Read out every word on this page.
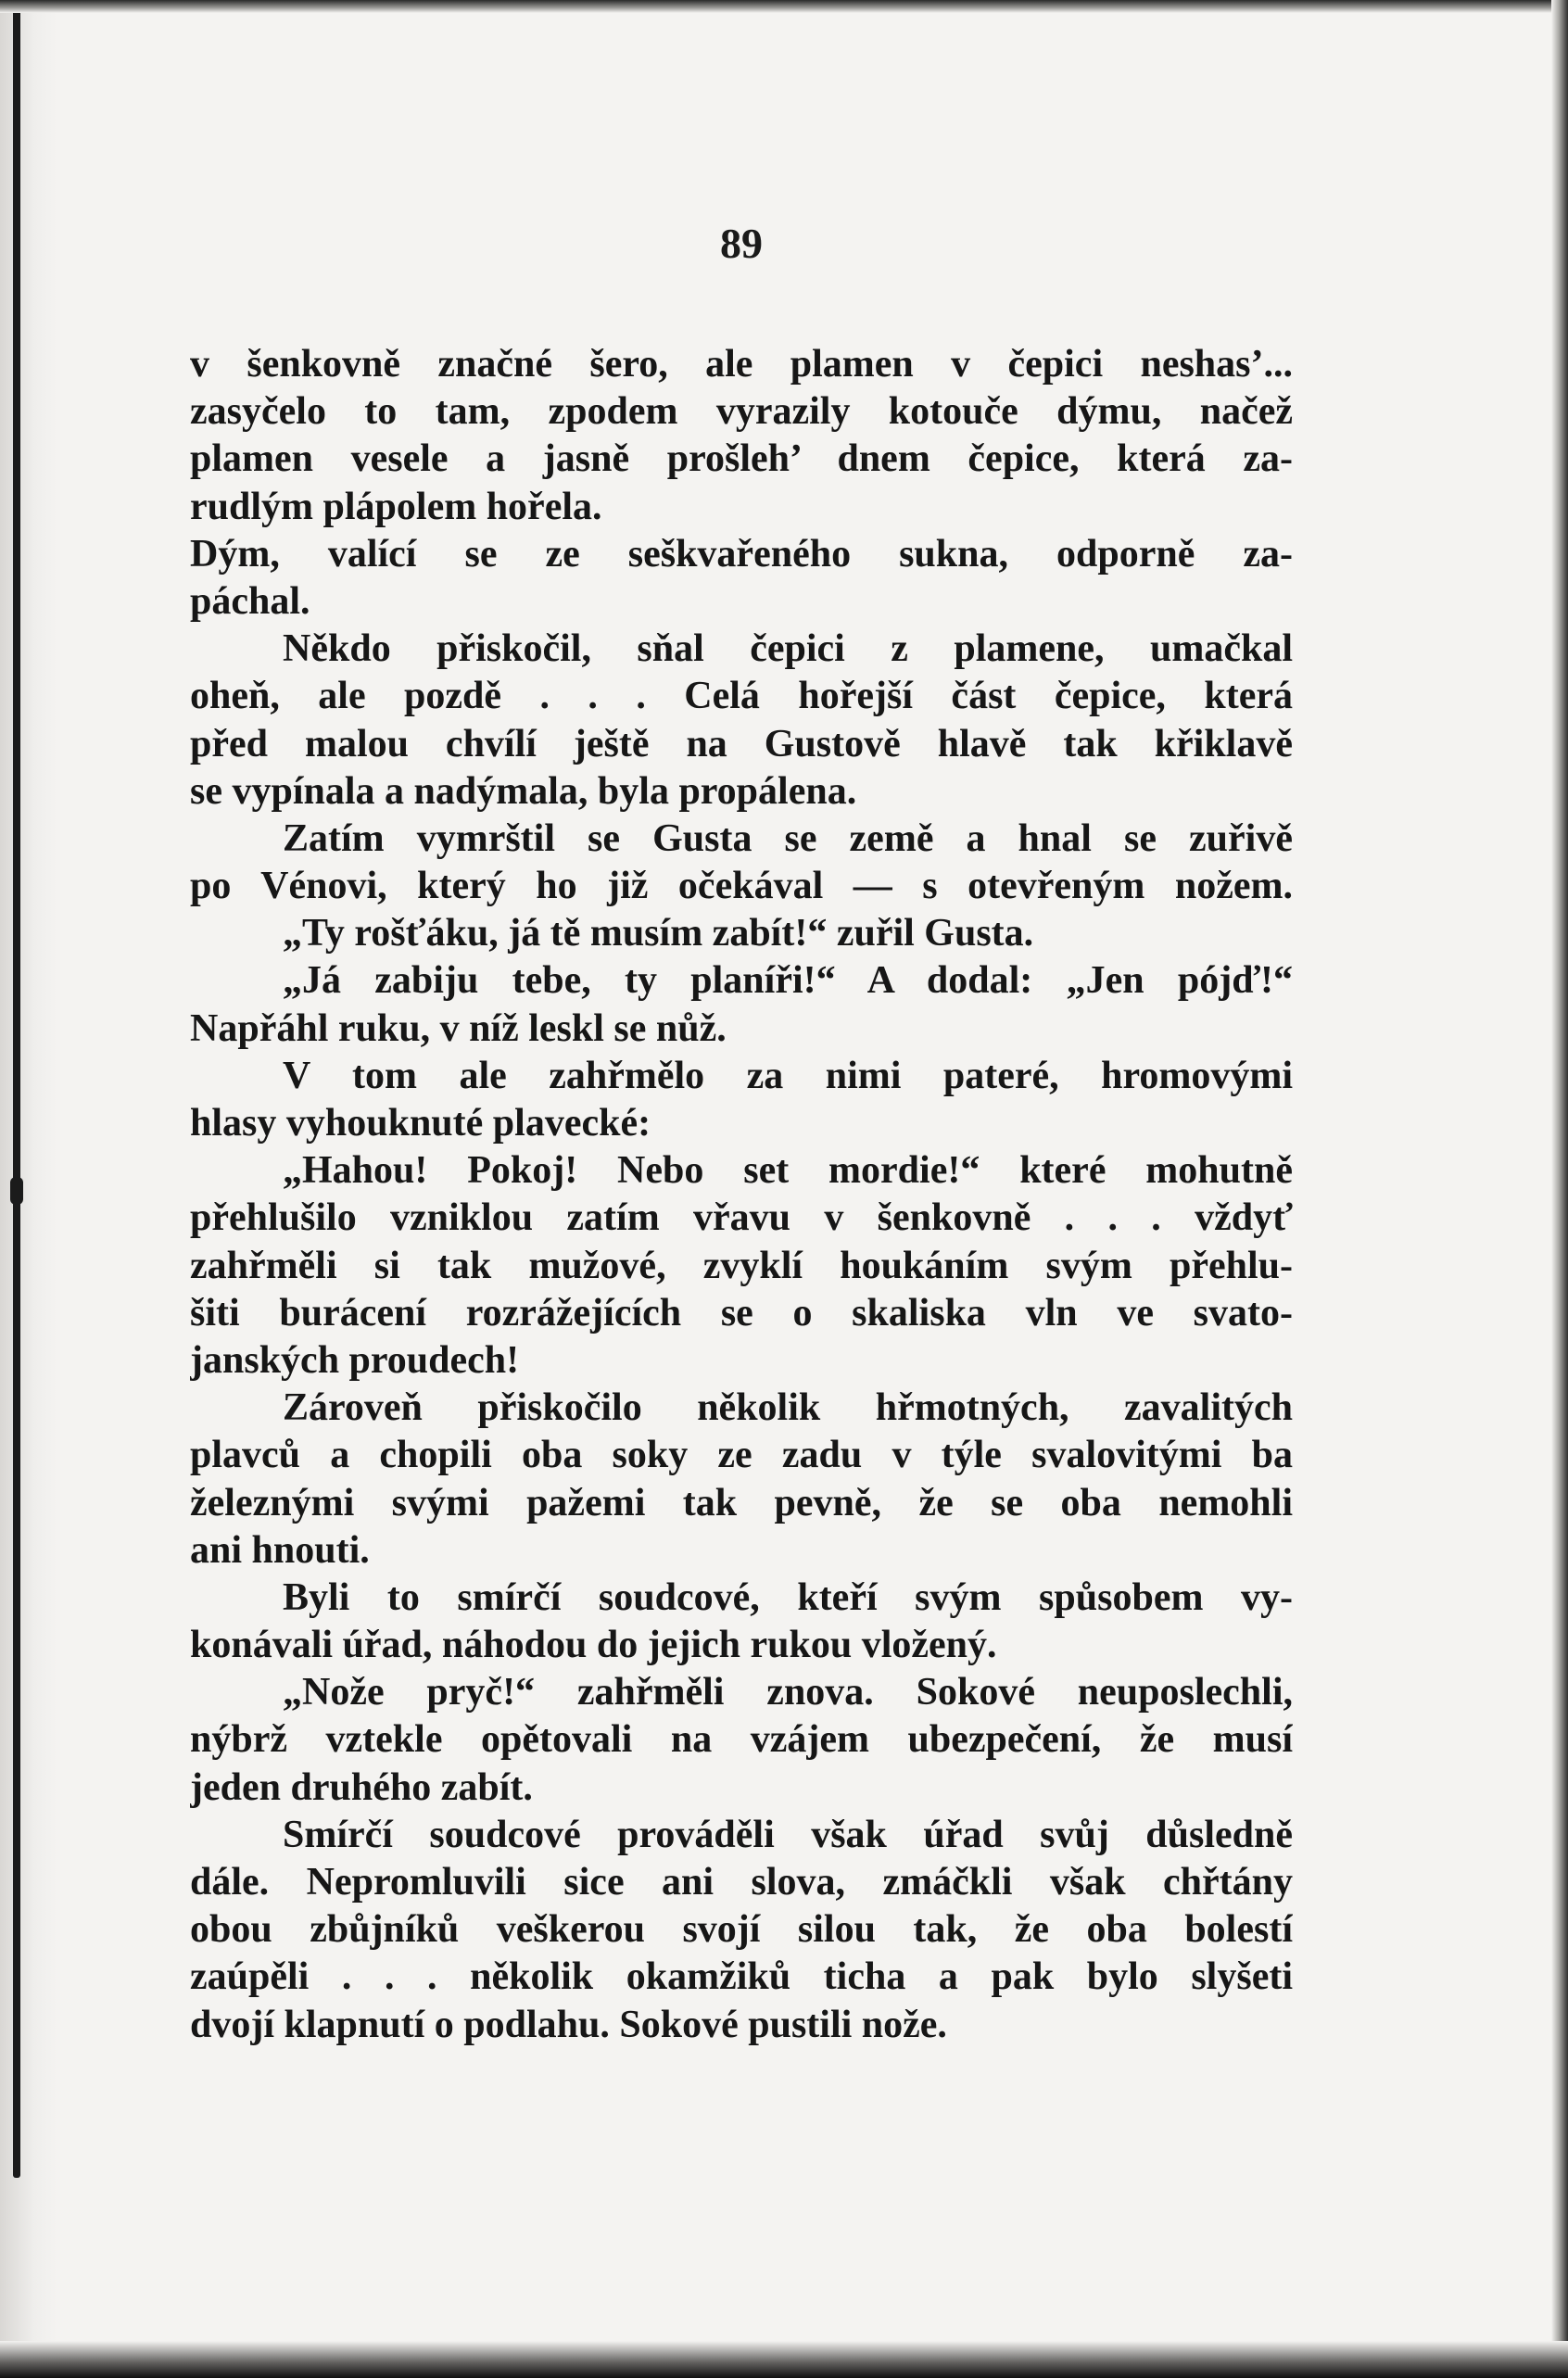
89
v šenkovně značné šero, ale plamen v čepici neshas’...
zasyčelo to tam, zpodem vyrazily kotouče dýmu, načež
plamen vesele a jasně prošleh’ dnem čepice, která za-
rudlým plápolem hořela.
Dým, valící se ze seškvařeného sukna, odporně za-
páchal.
Někdo přiskočil, sňal čepici z plamene, umačkal
oheň, ale pozdě . . . Celá hořejší část čepice, která
před malou chvílí ještě na Gustově hlavě tak křiklavě
se vypínala a nadýmala, byla propálena.
Zatím vymrštil se Gusta se země a hnal se zuřivě
po Vénovi, který ho již očekával — s otevřeným nožem.
„Ty rošťáku, já tě musím zabít!“ zuřil Gusta.
„Já zabiju tebe, ty planíři!“ A dodal: „Jen pójď!“
Napřáhl ruku, v níž leskl se nůž.
V tom ale zahřmělo za nimi pateré, hromovými
hlasy vyhouknuté plavecké:
„Hahou! Pokoj! Nebo set mordie!“ které mohutně
přehlušilo vzniklou zatím vřavu v šenkovně . . . vždyť
zahřměli si tak mužové, zvyklí houkáním svým přehlu-
šiti burácení rozrážejících se o skaliska vln ve svato-
janských proudech!
Zároveň přiskočilo několik hřmotných, zavalitých
plavců a chopili oba soky ze zadu v týle svalovitými ba
železnými svými pažemi tak pevně, že se oba nemohli
ani hnouti.
Byli to smírčí soudcové, kteří svým spůsobem vy-
konávali úřad, náhodou do jejich rukou vložený.
„Nože pryč!“ zahřměli znova. Sokové neuposlechli,
nýbrž vztekle opětovali na vzájem ubezpečení, že musí
jeden druhého zabít.
Smírčí soudcové prováděli však úřad svůj důsledně
dále. Nepromluvili sice ani slova, zmáčkli však chřtány
obou zbůjníků veškerou svojí silou tak, že oba bolestí
zaúpěli . . . několik okamžiků ticha a pak bylo slyšeti
dvojí klapnutí o podlahu. Sokové pustili nože.
